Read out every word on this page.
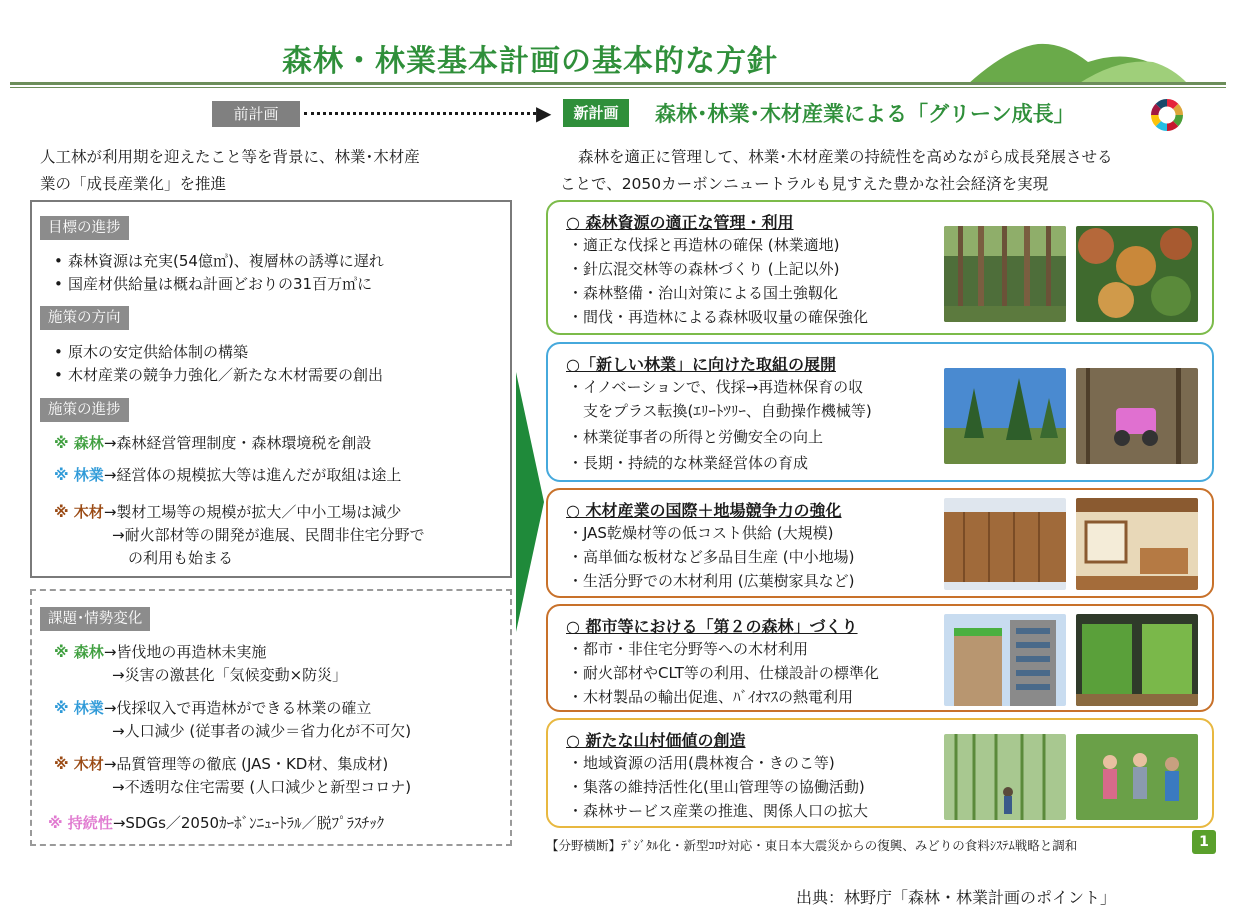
森林・林業基本計画の基本的な方針
前計画	▶	新計画	森林･林業･木材産業による「グリーン成長」
人工林が利用期を迎えたこと等を背景に、林業･木材産
業の「成長産業化」を推進
森林を適正に管理して、林業･木材産業の持続性を高めながら成長発展させる
ことで、2050カーボンニュートラルも見すえた豊かな社会経済を実現
目標の進捗
• 森林資源は充実(54億㎥)、複層林の誘導に遅れ
• 国産材供給量は概ね計画どおりの31百万㎥に
施策の方向
• 原木の安定供給体制の構築
• 木材産業の競争力強化／新たな木材需要の創出
施策の進捗
※ 森林→森林経営管理制度・森林環境税を創設
※ 林業→経営体の規模拡大等は進んだが取組は途上
※ 木材→製材工場等の規模が拡大／中小工場は減少
→耐火部材等の開発が進展、民間非住宅分野で
の利用も始まる
課題･情勢変化
※ 森林→皆伐地の再造林未実施
→災害の激甚化「気候変動×防災」
※ 林業→伐採収入で再造林ができる林業の確立
→人口減少 (従事者の減少＝省力化が不可欠)
※ 木材→品質管理等の徹底 (JAS・KD材、集成材)
→不透明な住宅需要 (人口減少と新型コロナ)
※ 持続性→SDGs／2050ｶｰﾎﾞﾝﾆｭｰﾄﾗﾙ／脱ﾌﾟﾗｽﾁｯｸ
○ 森林資源の適正な管理・利用
・適正な伐採と再造林の確保 (林業適地)
・針広混交林等の森林づくり (上記以外)
・森林整備・治山対策による国土強靱化
・間伐・再造林による森林吸収量の確保強化
○「新しい林業」に向けた取組の展開
・イノベーションで、伐採→再造林保育の収
　支をプラス転換(ｴﾘｰﾄﾂﾘｰ、自動操作機械等)
・林業従事者の所得と労働安全の向上
・長期・持続的な林業経営体の育成
○ 木材産業の国際＋地場競争力の強化
・JAS乾燥材等の低コスト供給 (大規模)
・高単価な板材など多品目生産 (中小地場)
・生活分野での木材利用 (広葉樹家具など)
○ 都市等における「第２の森林」づくり
・都市・非住宅分野等への木材利用
・耐火部材やCLT等の利用、仕様設計の標準化
・木材製品の輸出促進、ﾊﾞｲｵﾏｽの熱電利用
○ 新たな山村価値の創造
・地域資源の活用(農林複合・きのこ等)
・集落の維持活性化(里山管理等の協働活動)
・森林サービス産業の推進、関係人口の拡大
【分野横断】ﾃﾞｼﾞﾀﾙ化・新型ｺﾛﾅ対応・東日本大震災からの復興、みどりの食料ｼｽﾃﾑ戦略と調和	1
出典：林野庁「森林・林業計画のポイント」
